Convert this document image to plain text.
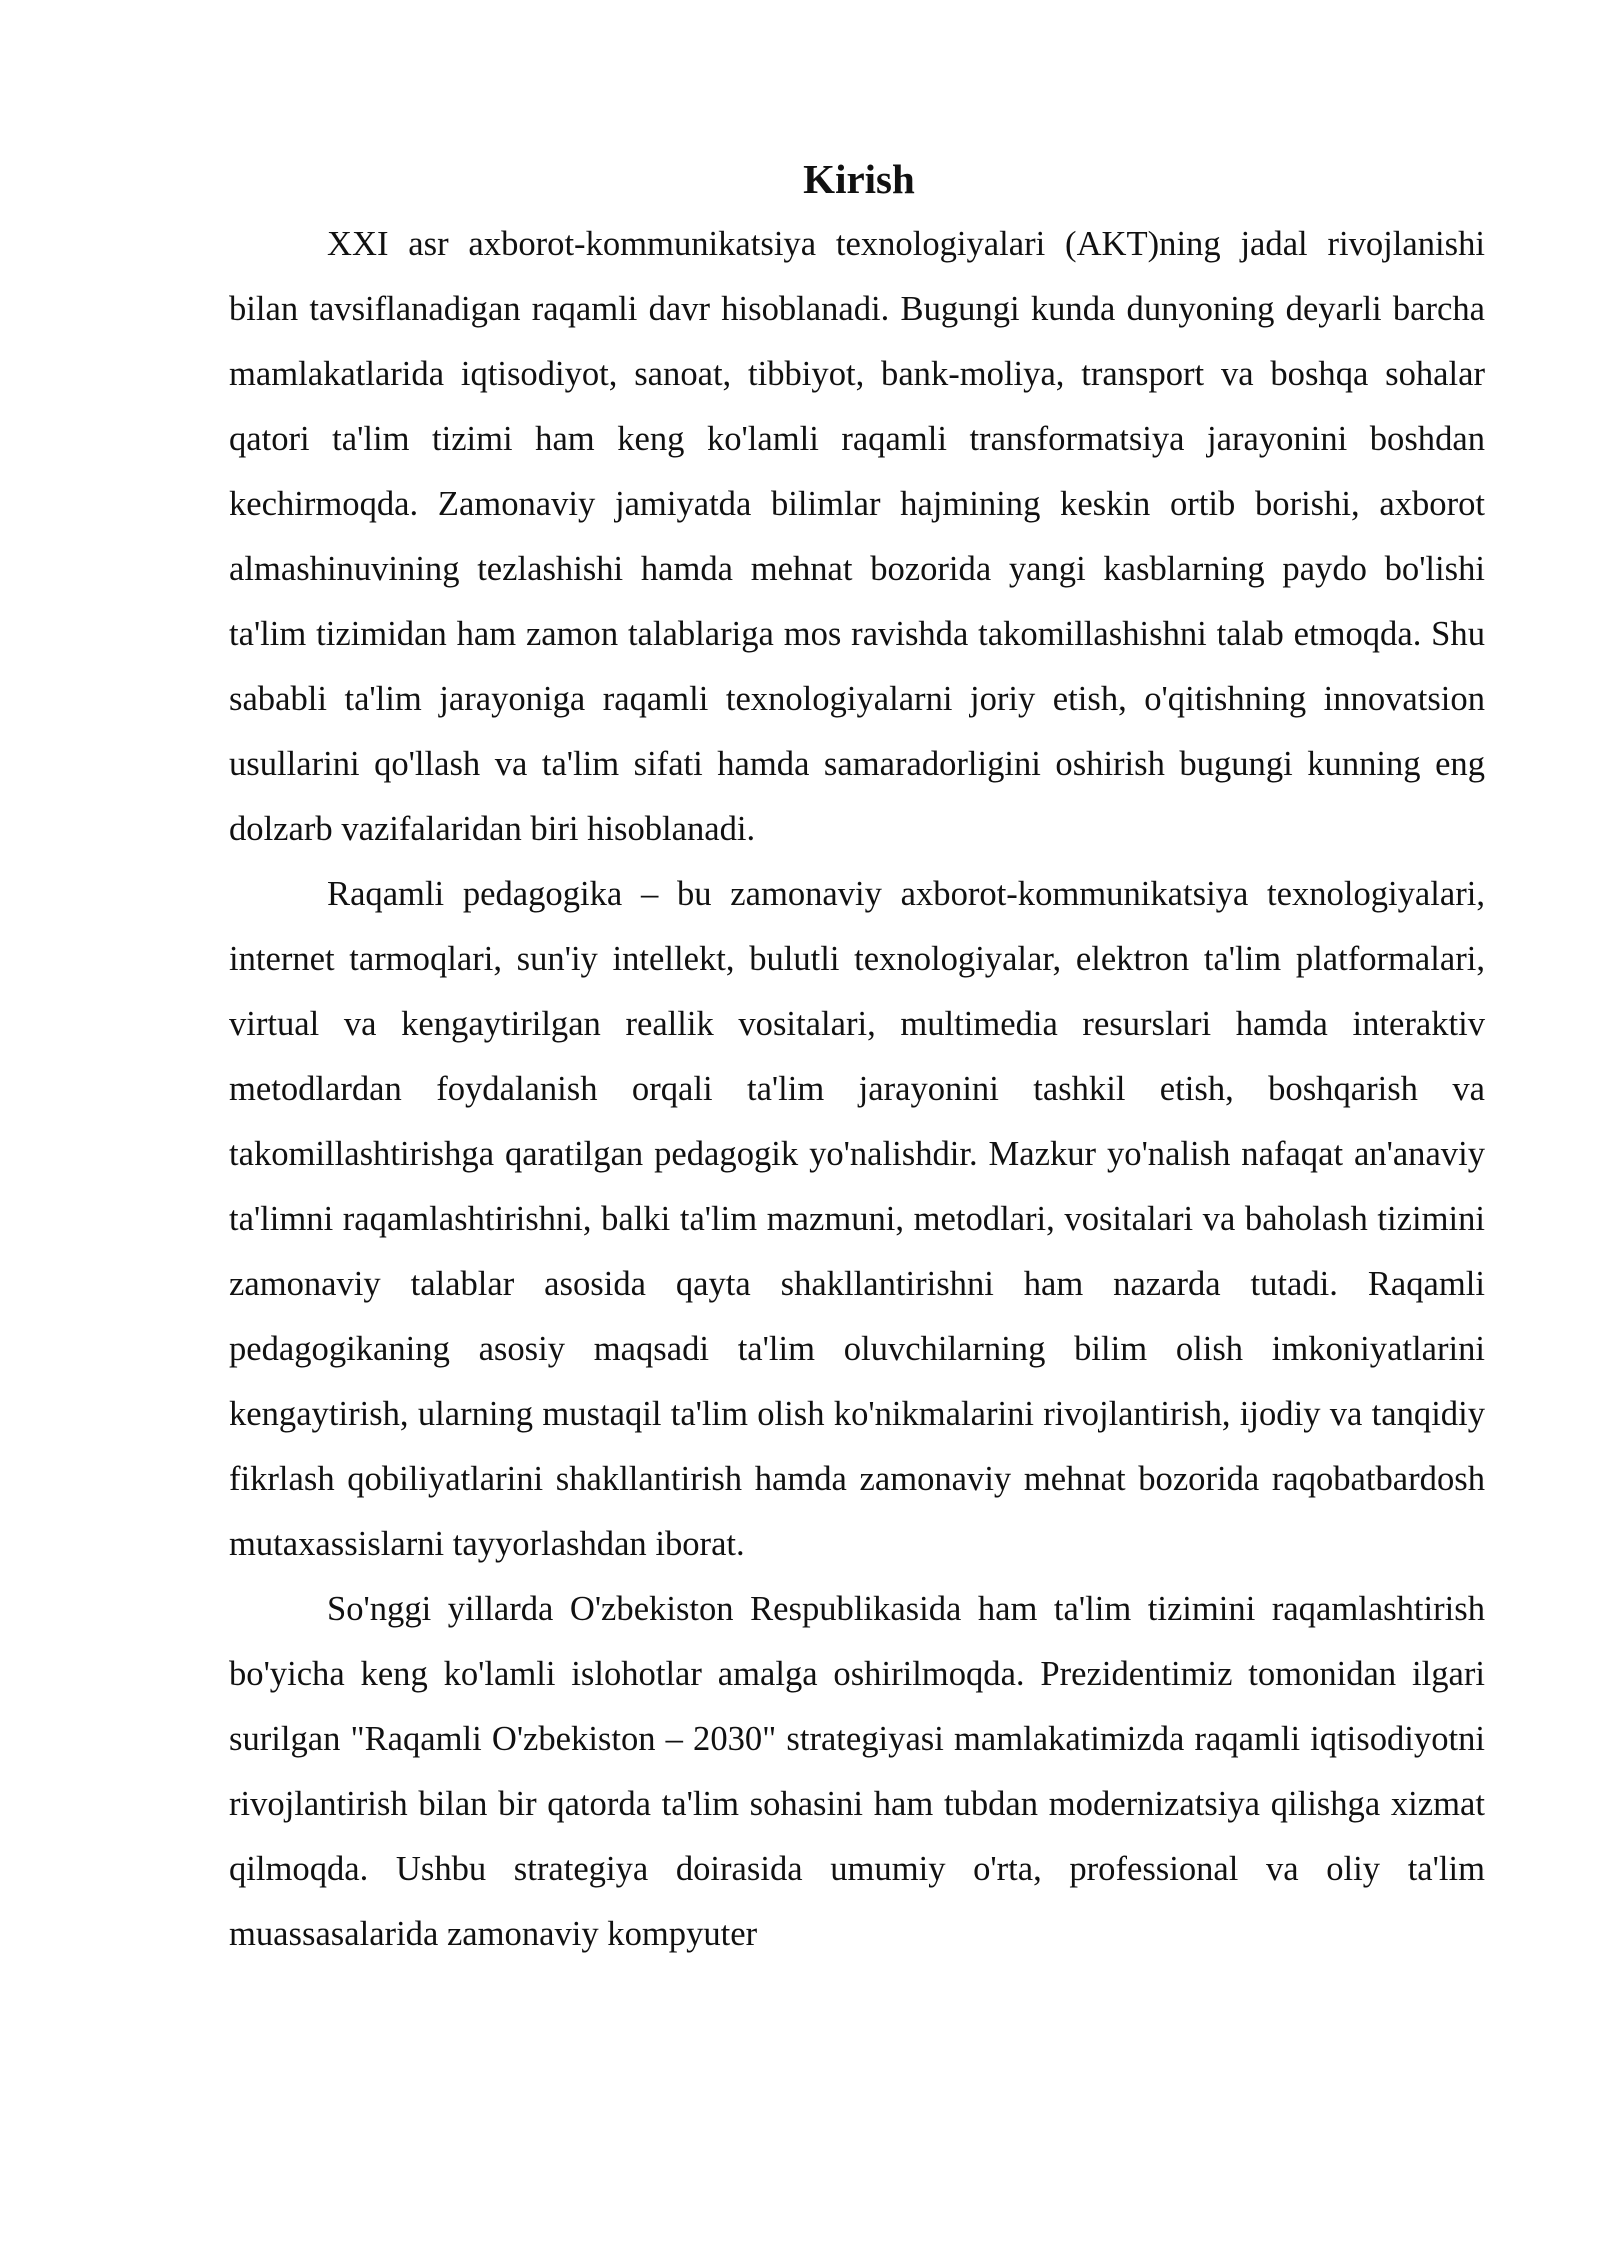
Kirish

XXI asr axborot-kommunikatsiya texnologiyalari (AKT)ning jadal rivojlanishi bilan tavsiflanadigan raqamli davr hisoblanadi. Bugungi kunda dunyoning deyarli barcha mamlakatlarida iqtisodiyot, sanoat, tibbiyot, bank-moliya, transport va boshqa sohalar qatori ta'lim tizimi ham keng ko'lamli raqamli transformatsiya jarayonini boshdan kechirmoqda. Zamonaviy jamiyatda bilimlar hajmining keskin ortib borishi, axborot almashinuvining tezlashishi hamda mehnat bozorida yangi kasblarning paydo bo'lishi ta'lim tizimidan ham zamon talablariga mos ravishda takomillashishni talab etmoqda. Shu sababli ta'lim jarayoniga raqamli texnologiyalarni joriy etish, o'qitishning innovatsion usullarini qo'llash va ta'lim sifati hamda samaradorligini oshirish bugungi kunning eng dolzarb vazifalaridan biri hisoblanadi.

Raqamli pedagogika – bu zamonaviy axborot-kommunikatsiya texnologiyalari, internet tarmoqlari, sun'iy intellekt, bulutli texnologiyalar, elektron ta'lim platformalari, virtual va kengaytirilgan reallik vositalari, multimedia resurslari hamda interaktiv metodlardan foydalanish orqali ta'lim jarayonini tashkil etish, boshqarish va takomillashtirishga qaratilgan pedagogik yo'nalishdir. Mazkur yo'nalish nafaqat an'anaviy ta'limni raqamlashtirishni, balki ta'lim mazmuni, metodlari, vositalari va baholash tizimini zamonaviy talablar asosida qayta shakllantirishni ham nazarda tutadi. Raqamli pedagogikaning asosiy maqsadi ta'lim oluvchilarning bilim olish imkoniyatlarini kengaytirish, ularning mustaqil ta'lim olish ko'nikmalarini rivojlantirish, ijodiy va tanqidiy fikrlash qobiliyatlarini shakllantirish hamda zamonaviy mehnat bozorida raqobatbardosh mutaxassislarni tayyorlashdan iborat.

So'nggi yillarda O'zbekiston Respublikasida ham ta'lim tizimini raqamlashtirish bo'yicha keng ko'lamli islohotlar amalga oshirilmoqda. Prezidentimiz tomonidan ilgari surilgan "Raqamli O'zbekiston – 2030" strategiyasi mamlakatimizda raqamli iqtisodiyotni rivojlantirish bilan bir qatorda ta'lim sohasini ham tubdan modernizatsiya qilishga xizmat qilmoqda. Ushbu strategiya doirasida umumiy o'rta, professional va oliy ta'lim muassasalarida zamonaviy kompyuter
